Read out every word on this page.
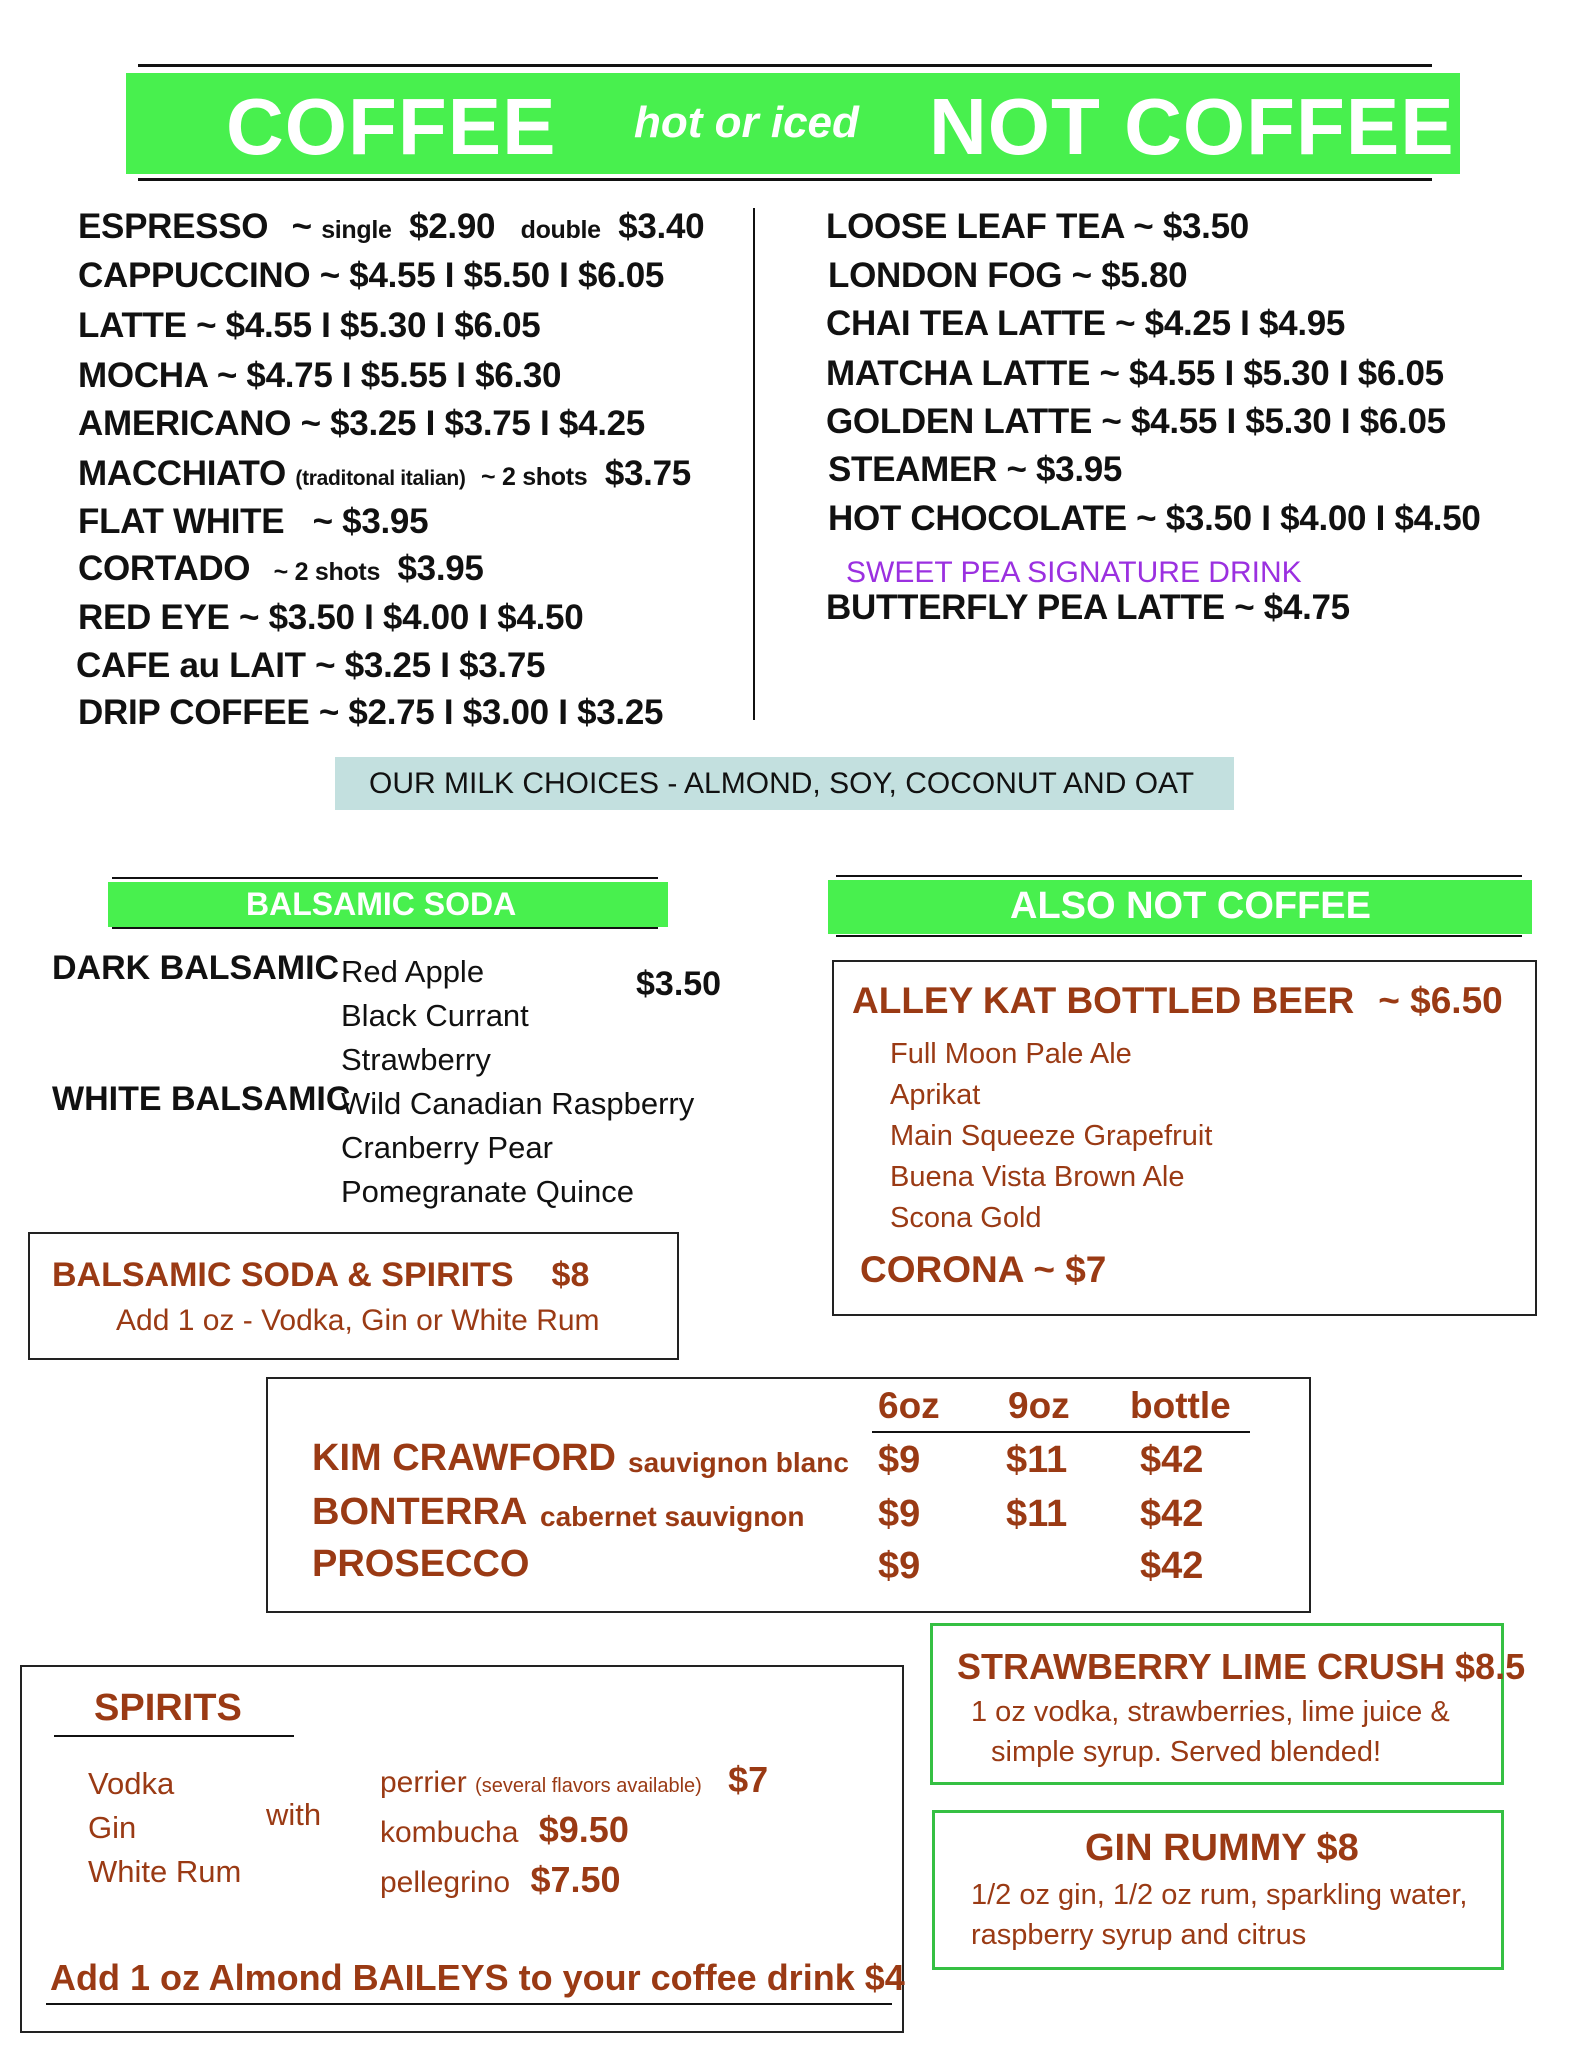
COFFEE hot or iced NOT COFFEE
ESPRESSO ~ single $2.90 double $3.40
CAPPUCCINO ~ $4.55 I $5.50 I $6.05
LATTE ~ $4.55 I $5.30 I $6.05
MOCHA ~ $4.75 I $5.55 I $6.30
AMERICANO ~ $3.25 I $3.75 I $4.25
MACCHIATO (traditonal italian) ~ 2 shots $3.75
FLAT WHITE ~ $3.95
CORTADO ~ 2 shots $3.95
RED EYE ~ $3.50 I $4.00 I $4.50
CAFE au LAIT ~ $3.25 I $3.75
DRIP COFFEE ~ $2.75 I $3.00 I $3.25
LOOSE LEAF TEA ~ $3.50
LONDON FOG ~ $5.80
CHAI TEA LATTE ~ $4.25 I $4.95
MATCHA LATTE ~ $4.55 I $5.30 I $6.05
GOLDEN LATTE ~ $4.55 I $5.30 I $6.05
STEAMER ~ $3.95
HOT CHOCOLATE ~ $3.50 I $4.00 I $4.50
SWEET PEA SIGNATURE DRINK
BUTTERFLY PEA LATTE ~ $4.75
OUR MILK CHOICES - ALMOND, SOY, COCONUT AND OAT
BALSAMIC SODA
DARK BALSAMIC
WHITE BALSAMIC
$3.50
Red Apple
Black Currant
Strawberry
Wild Canadian Raspberry
Cranberry Pear
Pomegranate Quince
BALSAMIC SODA & SPIRITS $8
Add 1 oz - Vodka, Gin or White Rum
ALSO NOT COFFEE
ALLEY KAT BOTTLED BEER ~ $6.50
Full Moon Pale Ale
Aprikat
Main Squeeze Grapefruit
Buena Vista Brown Ale
Scona Gold
CORONA ~ $7
6oz 9oz bottle
KIM CRAWFORD sauvignon blanc $9 $11 $42
BONTERRA cabernet sauvignon $9 $11 $42
PROSECCO	$9	$42
SPIRITS
Vodka
Gin
White Rum
with
perrier (several flavors available) $7
kombucha $9.50
pellegrino $7.50
Add 1 oz Almond BAILEYS to your coffee drink $4
STRAWBERRY LIME CRUSH $8.5
1 oz vodka, strawberries, lime juice &
simple syrup. Served blended!
GIN RUMMY $8
1/2 oz gin, 1/2 oz rum, sparkling water,
raspberry syrup and citrus
